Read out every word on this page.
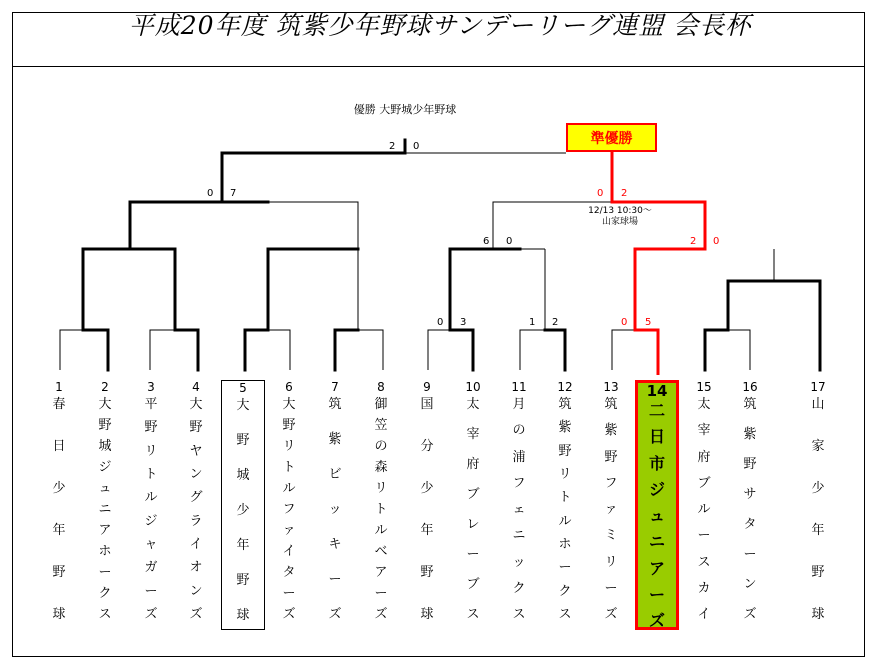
平成20年度 筑紫少年野球サンデーリーグ連盟 会長杯
優勝 大野城少年野球
準優勝
12/13 10:30～
山家球場
2 0
0 7	0 2
6 0	2 0
0 3	1 2	0 5
1
春
日
少
年
野
球
2
大
野
城
ジ
ュ
ニ
ア
ホ
ー
ク
ス
3
平
野
リ
ト
ル
ジ
ャ
ガ
ー
ズ
4
大
野
ヤ
ン
グ
ラ
イ
オ
ン
ズ
5
大
野
城
少
年
野
球
6
大
野
リ
ト
ル
フ
ァ
イ
タ
ー
ズ
7
筑
紫
ビ
ッ
キ
ー
ズ
8
御
笠
の
森
リ
ト
ル
ベ
ア
ー
ズ
9
国
分
少
年
野
球
10
太
宰
府
ブ
レ
ー
ブ
ス
11
月
の
浦
フ
ェ
ニ
ッ
ク
ス
12
筑
紫
野
リ
ト
ル
ホ
ー
ク
ス
13
筑
紫
野
フ
ァ
ミ
リ
ー
ズ
14
二
日
市
ジ
ュ
ニ
ア
ー
ズ
15
太
宰
府
ブ
ル
ー
ス
カ
イ
16
筑
紫
野
サ
タ
ー
ン
ズ
17
山
家
少
年
野
球
